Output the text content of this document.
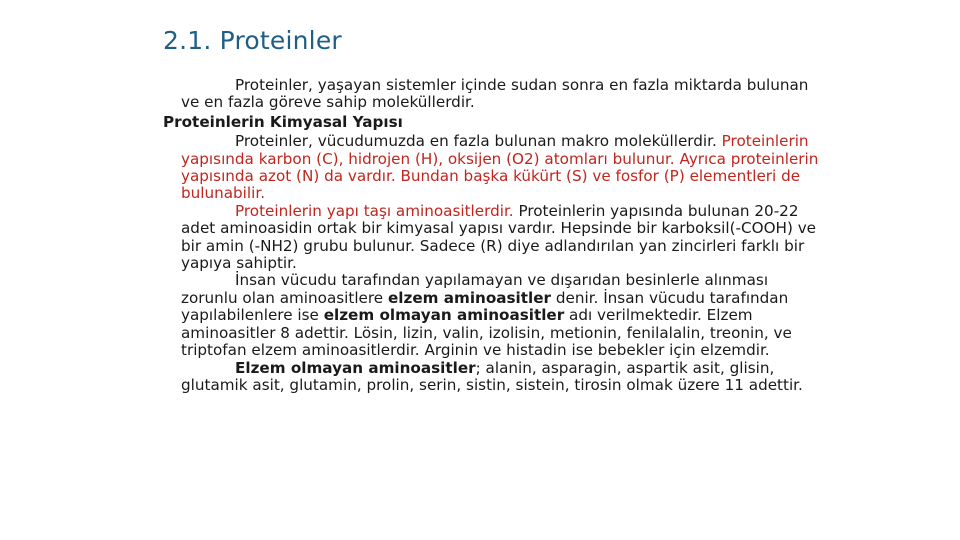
2.1. Proteinler

Proteinler, yaşayan sistemler içinde sudan sonra en fazla miktarda bulunan ve en fazla göreve sahip moleküllerdir.

Proteinlerin Kimyasal Yapısı

Proteinler, vücudumuzda en fazla bulunan makro moleküllerdir. Proteinlerin yapısında karbon (C), hidrojen (H), oksijen (O2) atomları bulunur. Ayrıca proteinlerin yapısında azot (N) da vardır. Bundan başka kükürt (S) ve fosfor (P) elementleri de bulunabilir.

Proteinlerin yapı taşı aminoasitlerdir. Proteinlerin yapısında bulunan 20-22 adet aminoasidin ortak bir kimyasal yapısı vardır. Hepsinde bir karboksil(-COOH) ve bir amin (-NH2) grubu bulunur. Sadece (R) diye adlandırılan yan zincirleri farklı bir yapıya sahiptir.

İnsan vücudu tarafından yapılamayan ve dışarıdan besinlerle alınması zorunlu olan aminoasitlere elzem aminoasitler denir. İnsan vücudu tarafından yapılabilenlere ise elzem olmayan aminoasitler adı verilmektedir. Elzem aminoasitler 8 adettir. Lösin, lizin, valin, izolisin, metionin, fenilalalin, treonin, ve triptofan elzem aminoasitlerdir. Arginin ve histadin ise bebekler için elzemdir.

Elzem olmayan aminoasitler; alanin, asparagin, aspartik asit, glisin, glutamik asit, glutamin, prolin, serin, sistin, sistein, tirosin olmak üzere 11 adettir.
